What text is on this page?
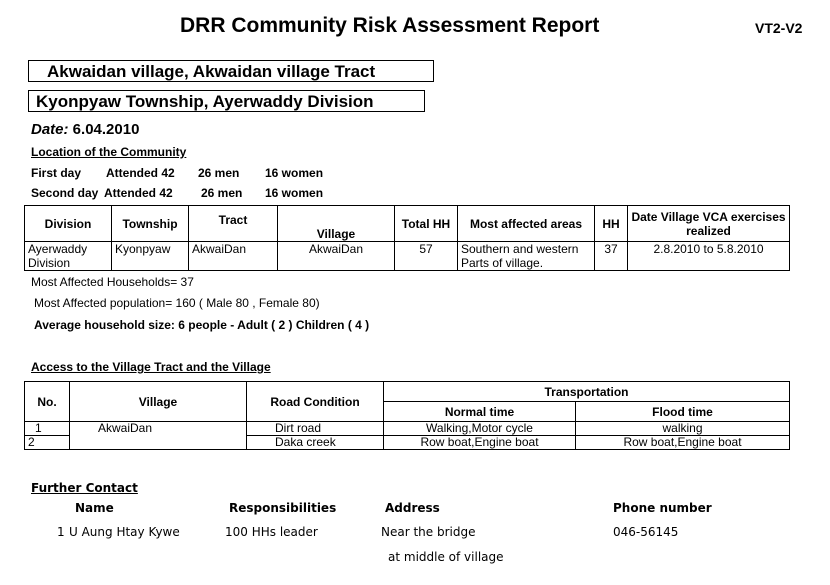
DRR Community Risk Assessment Report	VT2-V2
Akwaidan village, Akwaidan village Tract
Kyonpyaw Township, Ayerwaddy Division
Date: 6.04.2010
Location of the Community
First day Attended 42 26 men 16 women
Second day Attended 42 26 men 16 women
Division	Township	Tract	Village	Total HH	Most affected areas	HH	Date Village VCA exercises realized
Ayerwaddy Division	Kyonpyaw	AkwaiDan	AkwaiDan	57	Southern and western Parts of village.	37	2.8.2010 to 5.8.2010
Most Affected Households= 37
Most Affected population= 160 ( Male 80 , Female 80)
Average household size: 6 people - Adult ( 2 ) Children ( 4 )
Access to the Village Tract and the Village
No.	Village	Road Condition	Transportation	
			Normal time	Flood time
1	AkwaiDan	Dirt road	Walking,Motor cycle	walking
2		Daka creek	Row boat,Engine boat	Row boat,Engine boat
Further Contact
Name	Responsibilities	Address	Phone number
1 U Aung Htay Kywe	100 HHs leader	Near the bridge	046-56145
at middle of village
